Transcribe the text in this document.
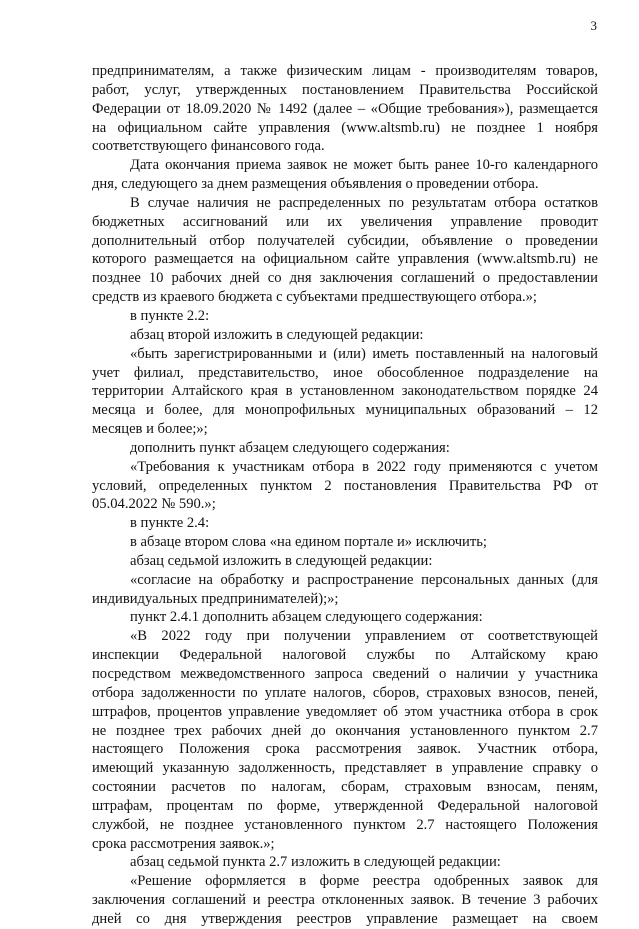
3

предпринимателям, а также физическим лицам - производителям товаров,
работ, услуг, утвержденных постановлением Правительства Российской
Федерации от 18.09.2020 № 1492 (далее – «Общие требования»), размещается
на официальном сайте управления (www.altsmb.ru) не позднее 1 ноября
соответствующего финансового года.

Дата окончания приема заявок не может быть ранее 10-го календарного
дня, следующего за днем размещения объявления о проведении отбора.

В случае наличия не распределенных по результатам отбора остатков
бюджетных ассигнований или их увеличения управление проводит
дополнительный отбор получателей субсидии, объявление о проведении
которого размещается на официальном сайте управления (www.altsmb.ru) не
позднее 10 рабочих дней со дня заключения соглашений о предоставлении
средств из краевого бюджета с субъектами предшествующего отбора.»;

в пункте 2.2:

абзац второй изложить в следующей редакции:

«быть зарегистрированными и (или) иметь поставленный на налоговый
учет филиал, представительство, иное обособленное подразделение на
территории Алтайского края в установленном законодательством порядке 24
месяца и более, для монопрофильных муниципальных образований – 12
месяцев и более;»;

дополнить пункт абзацем следующего содержания:

«Требования к участникам отбора в 2022 году применяются с учетом
условий, определенных пунктом 2 постановления Правительства РФ от
05.04.2022 № 590.»;

в пункте 2.4:

в абзаце втором слова «на едином портале и» исключить;

абзац седьмой изложить в следующей редакции:

«согласие на обработку и распространение персональных данных (для
индивидуальных предпринимателей);»;

пункт 2.4.1 дополнить абзацем следующего содержания:

«В 2022 году при получении управлением от соответствующей
инспекции Федеральной налоговой службы по Алтайскому краю
посредством межведомственного запроса сведений о наличии у участника
отбора задолженности по уплате налогов, сборов, страховых взносов, пеней,
штрафов, процентов управление уведомляет об этом участника отбора в срок
не позднее трех рабочих дней до окончания установленного пунктом 2.7
настоящего Положения срока рассмотрения заявок. Участник отбора,
имеющий указанную задолженность, представляет в управление справку о
состоянии расчетов по налогам, сборам, страховым взносам, пеням,
штрафам, процентам по форме, утвержденной Федеральной налоговой
службой, не позднее установленного пунктом 2.7 настоящего Положения
срока рассмотрения заявок.»;

абзац седьмой пункта 2.7 изложить в следующей редакции:

«Решение оформляется в форме реестра одобренных заявок для
заключения соглашений и реестра отклоненных заявок. В течение 3 рабочих
дней со дня утверждения реестров управление размещает на своем
